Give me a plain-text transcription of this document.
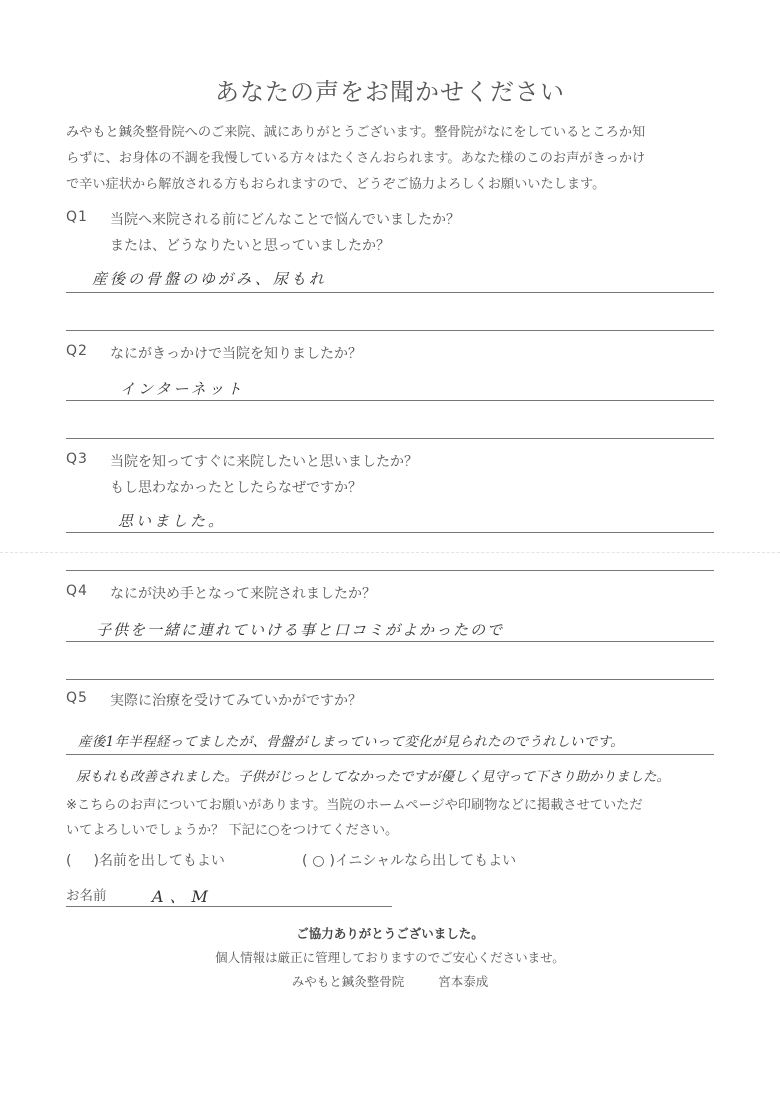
あなたの声をお聞かせください
みやもと鍼灸整骨院へのご来院、誠にありがとうございます。整骨院がなにをしているところか知
らずに、お身体の不調を我慢している方々はたくさんおられます。あなた様のこのお声がきっかけ
で辛い症状から解放される方もおられますので、どうぞご協力よろしくお願いいたします。
Q1 当院へ来院される前にどんなことで悩んでいましたか？
または、どうなりたいと思っていましたか？
産後の骨盤のゆがみ、尿もれ
Q2 なにがきっかけで当院を知りましたか？
インターネット
Q3 当院を知ってすぐに来院したいと思いましたか？
もし思わなかったとしたらなぜですか？
思いました。
Q4 なにが決め手となって来院されましたか？
子供を一緒に連れていける事と口コミがよかったので
Q5 実際に治療を受けてみていかがですか？
産後1年半程経ってましたが、骨盤がしまっていって変化が見られたのでうれしいです。
尿もれも改善されました。子供がじっとしてなかったですが優しく見守って下さり助かりました。
※こちらのお声についてお願いがあります。当院のホームページや印刷物などに掲載させていただ
いてよろしいでしょうか？ 下記に○をつけてください。
( )名前を出してもよい	( ○ )イニシャルなら出してもよい
お名前	A、M
ご協力ありがとうございました。
個人情報は厳正に管理しておりますのでご安心くださいませ。
みやもと鍼灸整骨院	宮本泰成
